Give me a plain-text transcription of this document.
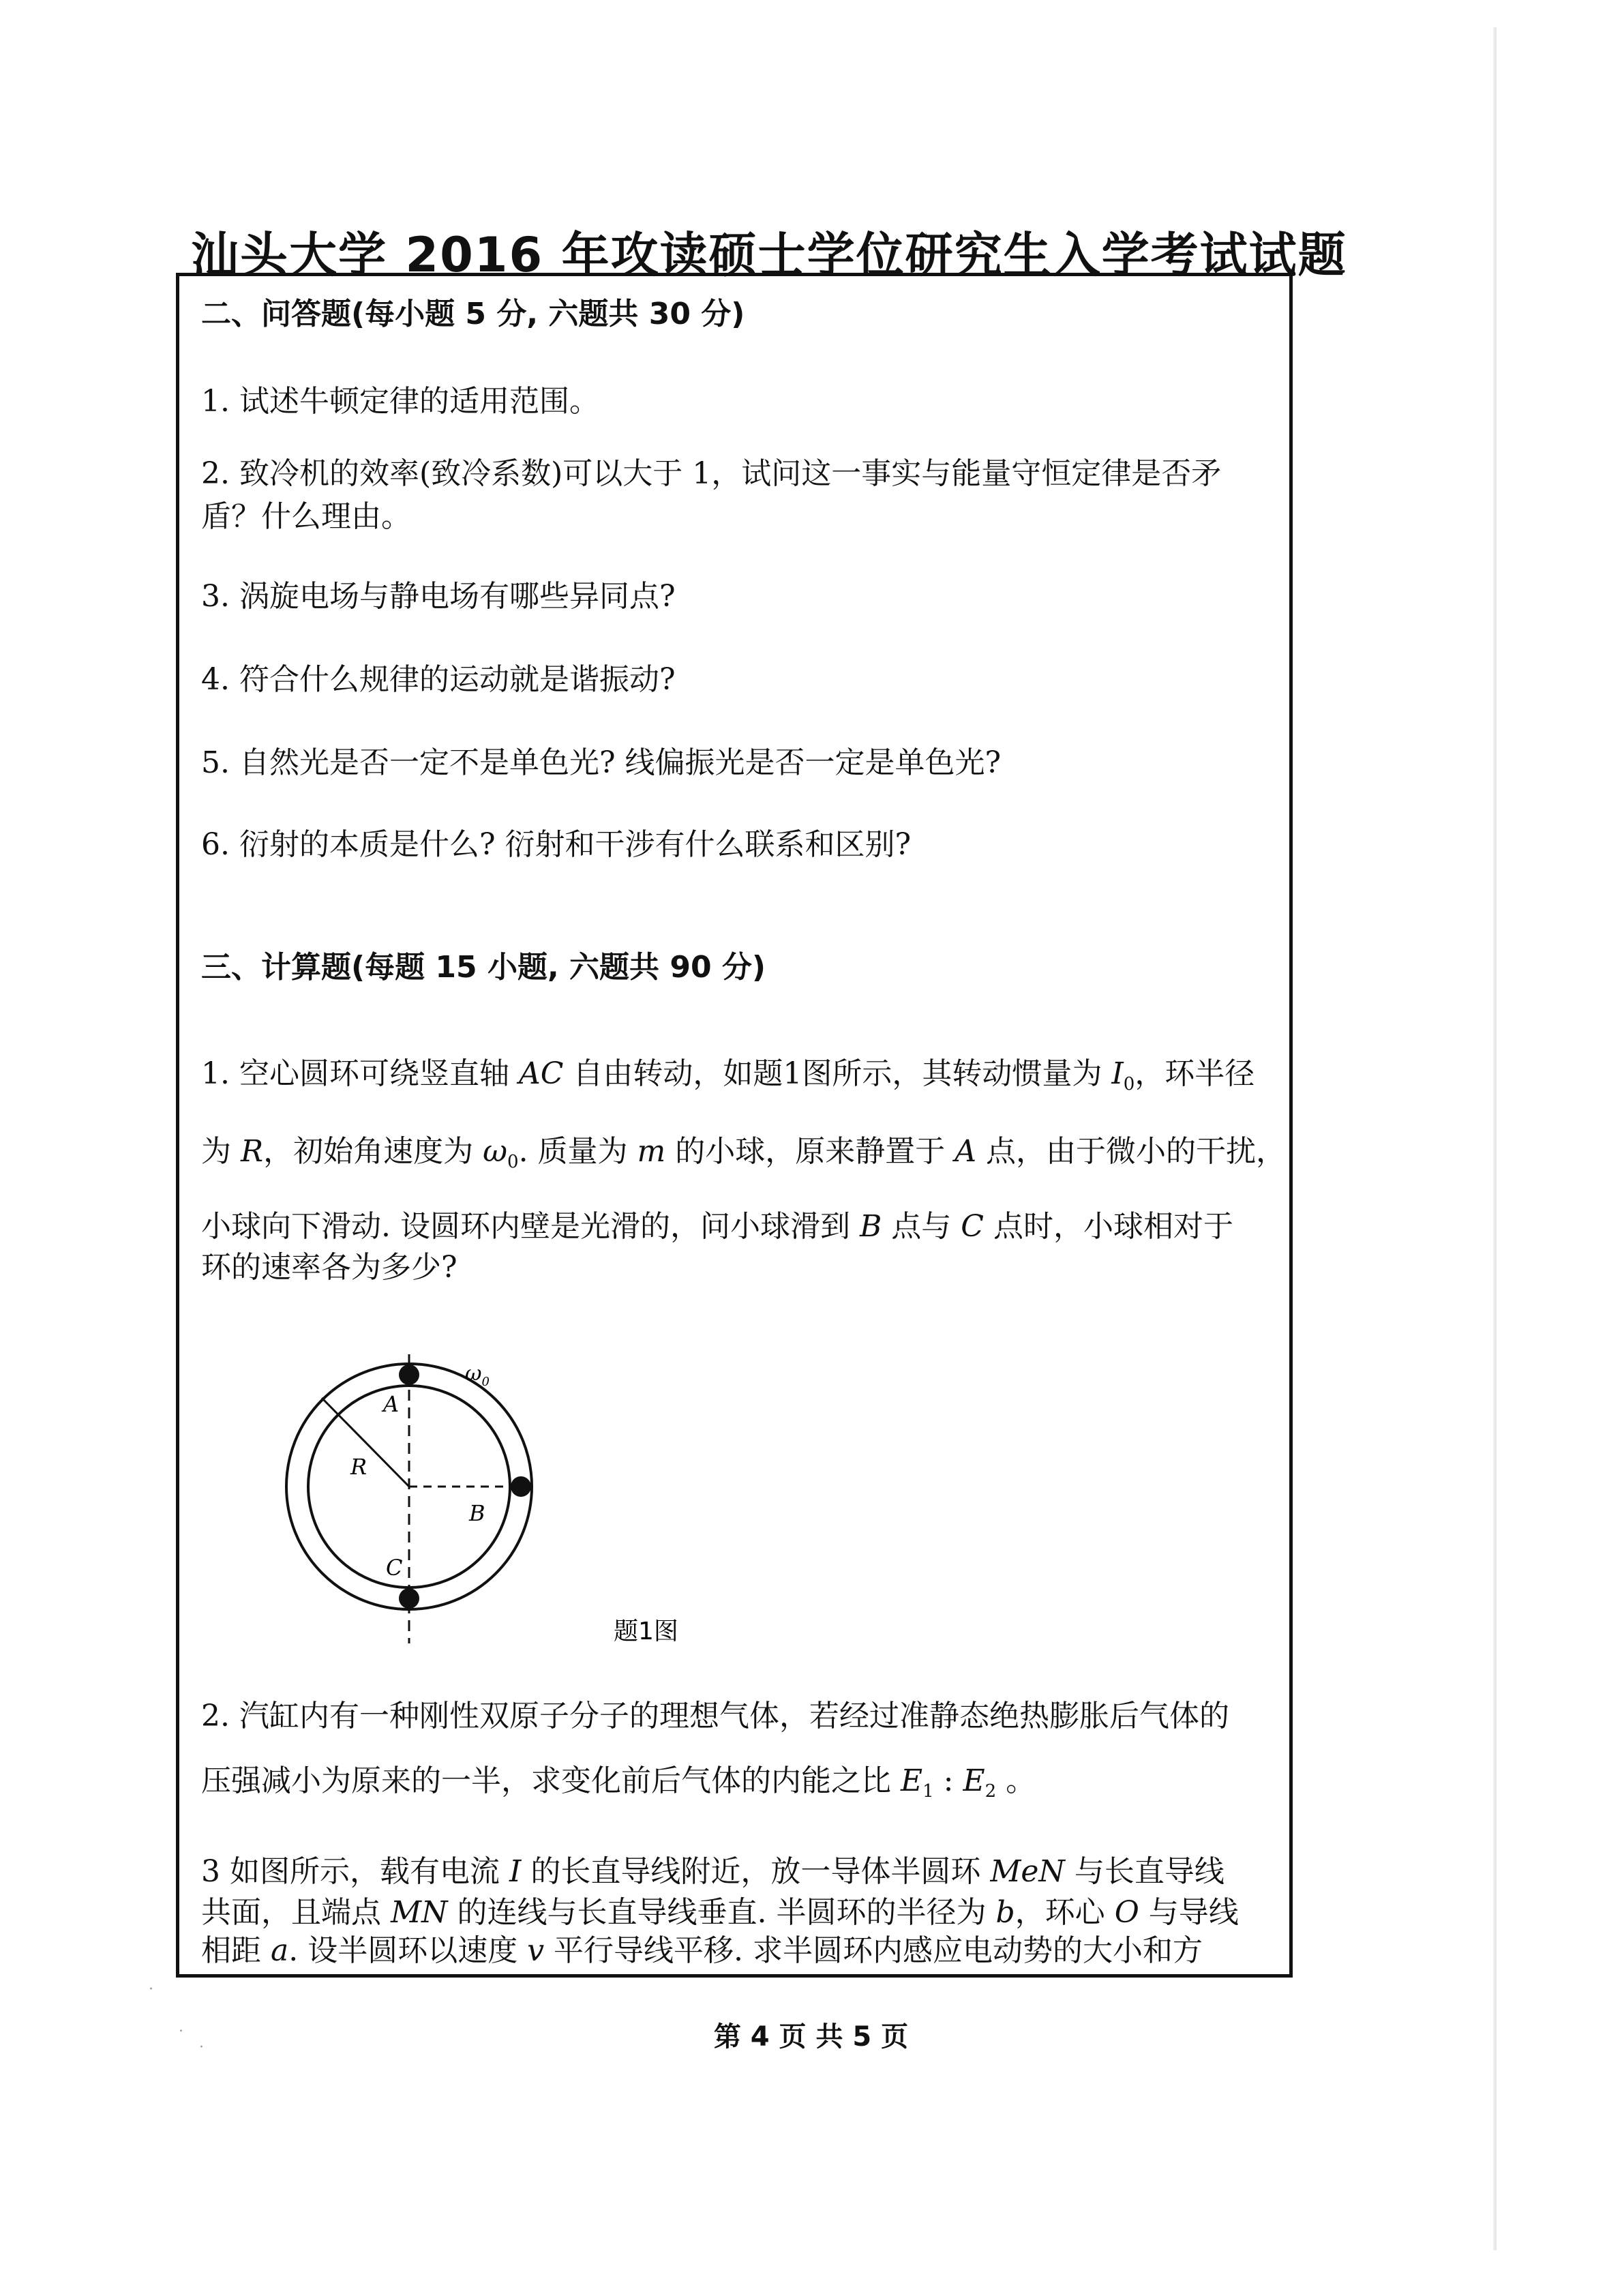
·
.
·
汕头大学 2016 年攻读硕士学位研究生入学考试试题
二、问答题(每小题 5 分, 六题共 30 分)
1. 试述牛顿定律的适用范围。
2. 致冷机的效率(致冷系数)可以大于 1，试问这一事实与能量守恒定律是否矛
盾？什么理由。
3. 涡旋电场与静电场有哪些异同点?
4. 符合什么规律的运动就是谐振动?
5. 自然光是否一定不是单色光? 线偏振光是否一定是单色光?
6. 衍射的本质是什么? 衍射和干涉有什么联系和区别?
三、计算题(每题 15 小题, 六题共 90 分)
1. 空心圆环可绕竖直轴 AC 自由转动，如题1图所示，其转动惯量为 $I_0$，环半径
为 R，初始角速度为 $\omega_0$. 质量为 m 的小球，原来静置于 A 点，由于微小的干扰，
小球向下滑动. 设圆环内壁是光滑的，问小球滑到 B 点与 C 点时，小球相对于
环的速率各为多少?
2. 汽缸内有一种刚性双原子分子的理想气体，若经过准静态绝热膨胀后气体的
压强减小为原来的一半，求变化前后气体的内能之比 $E_1$ : $E_2$ 。
3 如图所示，载有电流 I 的长直导线附近，放一导体半圆环 MeN 与长直导线
共面，且端点 MN 的连线与长直导线垂直. 半圆环的半径为 b，环心 O 与导线
相距 a. 设半圆环以速度 v 平行导线平移. 求半圆环内感应电动势的大小和方
$\omega_0$
A
R
B
C
题1图
第 4 页 共 5 页
